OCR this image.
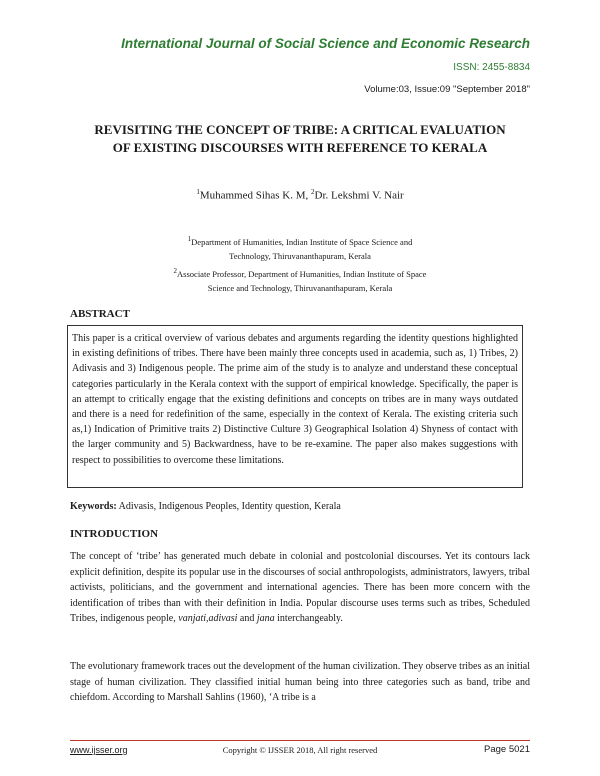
International Journal of Social Science and Economic Research
ISSN: 2455-8834
Volume:03, Issue:09 "September 2018"
REVISITING THE CONCEPT OF TRIBE: A CRITICAL EVALUATION
OF EXISTING DISCOURSES WITH REFERENCE TO KERALA
$^1$Muhammed Sihas K. M, $^2$Dr. Lekshmi V. Nair
$^1$Department of Humanities, Indian Institute of Space Science and
Technology, Thiruvananthapuram, Kerala
$^2$Associate Professor, Department of Humanities, Indian Institute of Space
Science and Technology, Thiruvananthapuram, Kerala
ABSTRACT
This paper is a critical overview of various debates and arguments regarding the identity questions highlighted in existing definitions of tribes. There have been mainly three concepts used in academia, such as, 1) Tribes, 2) Adivasis and 3) Indigenous people. The prime aim of the study is to analyze and understand these conceptual categories particularly in the Kerala context with the support of empirical knowledge. Specifically, the paper is an attempt to critically engage that the existing definitions and concepts on tribes are in many ways outdated and there is a need for redefinition of the same, especially in the context of Kerala. The existing criteria such as,1) Indication of Primitive traits 2) Distinctive Culture 3) Geographical Isolation 4) Shyness of contact with the larger community and 5) Backwardness, have to be re-examine. The paper also makes suggestions with respect to possibilities to overcome these limitations.
Keywords: Adivasis, Indigenous Peoples, Identity question, Kerala
INTRODUCTION
The concept of ‘tribe’ has generated much debate in colonial and postcolonial discourses. Yet its contours lack explicit definition, despite its popular use in the discourses of social anthropologists, administrators, lawyers, tribal activists, politicians, and the government and international agencies. There has been more concern with the identification of tribes than with their definition in India. Popular discourse uses terms such as tribes, Scheduled Tribes, indigenous people, vanjati,adivasi and jana interchangeably.
The evolutionary framework traces out the development of the human civilization. They observe tribes as an initial stage of human civilization. They classified initial human being into three categories such as band, tribe and chiefdom. According to Marshall Sahlins (1960), ‘A tribe is a
www.ijsser.org	Copyright © IJSSER 2018, All right reserved	Page 5021
